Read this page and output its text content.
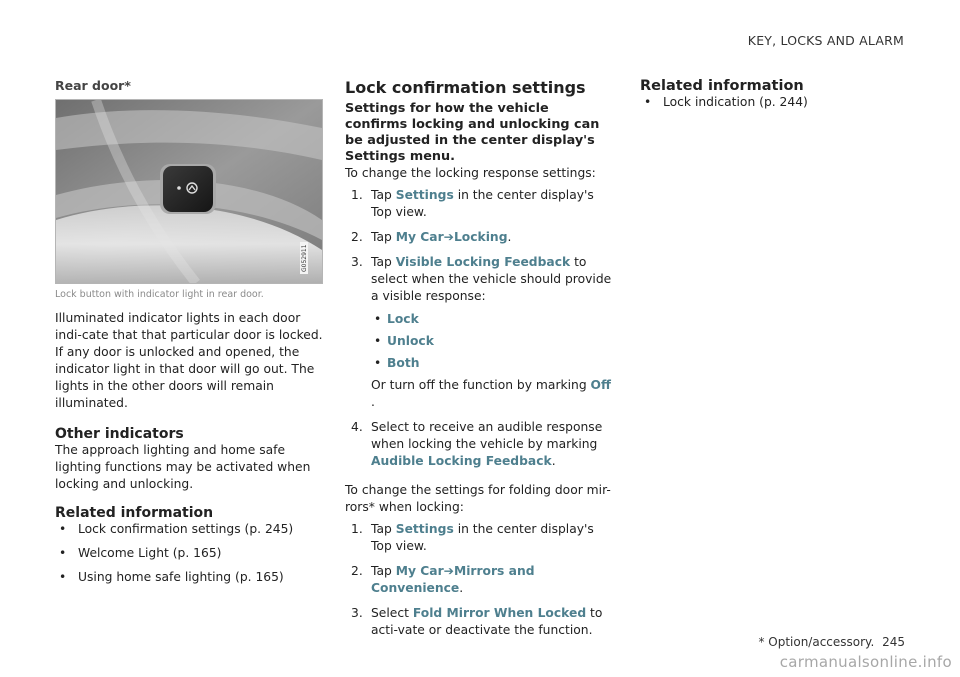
KEY, LOCKS AND ALARM
Rear door*
G052911
Lock button with indicator light in rear door.

Illuminated indicator lights in each door indi-cate that that particular door is locked. If any door is unlocked and opened, the indicator light in that door will go out. The lights in the other doors will remain illuminated.

Other indicators

The approach lighting and home safe lighting functions may be activated when locking and unlocking.

Related information
• Lock confirmation settings (p. 245)
• Welcome Light (p. 165)
• Using home safe lighting (p. 165)
Lock confirmation settings

Settings for how the vehicle confirms locking and unlocking can be adjusted in the center display's Settings menu.

To change the locking response settings:

1. Tap Settings in the center display's Top view.
2. Tap My Car➔Locking.
3. Tap Visible Locking Feedback to select when the vehicle should provide a visible response:
• Lock
• Unlock
• Both
Or turn off the function by marking Off .
4. Select to receive an audible response when locking the vehicle by marking Audible Locking Feedback.

To change the settings for folding door mir-rors* when locking:

1. Tap Settings in the center display's Top view.
2. Tap My Car➔Mirrors and Convenience.
3. Select Fold Mirror When Locked to acti-vate or deactivate the function.
Related information
• Lock indication (p. 244)
* Option/accessory. 245
carmanualsonline.info
